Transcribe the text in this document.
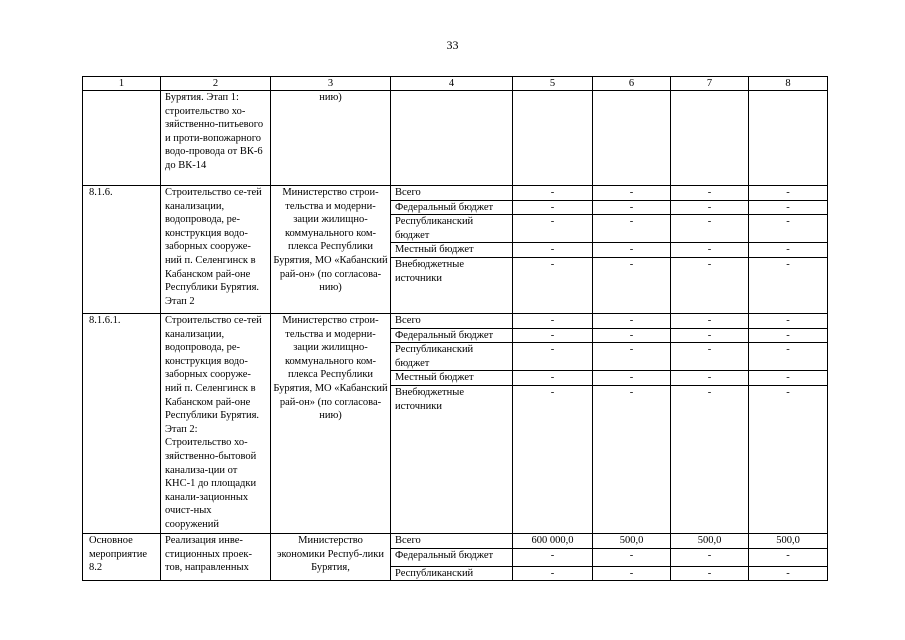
33
1	2	3	4	5	6	7	8
	Бурятия. Этап 1: строительство хо-зяйственно-питьевого и проти-вопожарного водо-провода от ВК-6 до ВК-14	нию)					
8.1.6.	Строительство се-тей канализации, водопровода, ре-конструкция водо-заборных сооруже-ний п. Селенгинск в Кабанском рай-оне Республики Бурятия. Этап 2	Министерство строи-тельства и модерни-зации жилищно-коммунального ком-плекса Республики Бурятия, МО «Кабанский рай-он» (по согласова-нию)	Всего	-	-	-	-
			Федеральный бюджет	-	-	-	-
			Республиканский бюджет	-	-	-	-
			Местный бюджет	-	-	-	-
			Внебюджетные источники	-	-	-	-
8.1.6.1.	Строительство се-тей канализации, водопровода, ре-конструкция водо-заборных сооруже-ний п. Селенгинск в Кабанском рай-оне Республики Бурятия. Этап 2: Строительство хо-зяйственно-бытовой канализа-ции от КНС-1 до площадки канали-зационных очист-ных сооружений	Министерство строи-тельства и модерни-зации жилищно-коммунального ком-плекса Республики Бурятия, МО «Кабанский рай-он» (по согласова-нию)	Всего	-	-	-	-
			Федеральный бюджет	-	-	-	-
			Республиканский бюджет	-	-	-	-
			Местный бюджет	-	-	-	-
			Внебюджетные источники	-	-	-	-
Основное мероприятие 8.2	Реализация инве-стиционных проек-тов, направленных	Министерство экономики Респуб-лики Бурятия,	Всего	600 000,0	500,0	500,0	500,0
			Федеральный бюджет	-	-	-	-
			Республиканский	-	-	-	-
